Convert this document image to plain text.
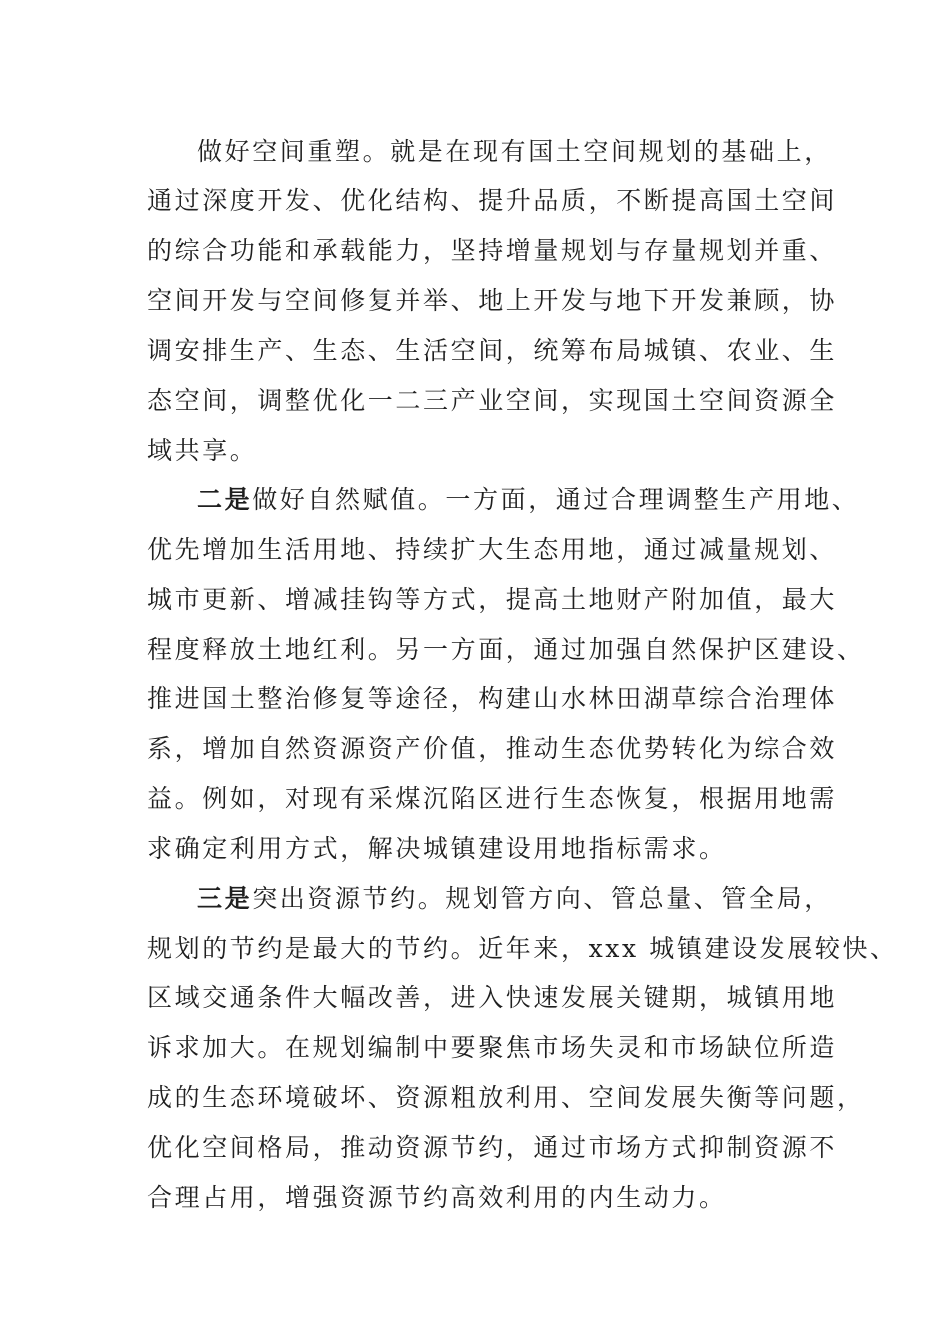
做好空间重塑。就是在现有国土空间规划的基础上，
通过深度开发、优化结构、提升品质，不断提高国土空间
的综合功能和承载能力，坚持增量规划与存量规划并重、
空间开发与空间修复并举、地上开发与地下开发兼顾，协
调安排生产、生态、生活空间，统筹布局城镇、农业、生
态空间，调整优化一二三产业空间，实现国土空间资源全
域共享。
二是做好自然赋值。一方面，通过合理调整生产用地、
优先增加生活用地、持续扩大生态用地，通过减量规划、
城市更新、增减挂钩等方式，提高土地财产附加值，最大
程度释放土地红利。另一方面，通过加强自然保护区建设、
推进国土整治修复等途径，构建山水林田湖草综合治理体
系，增加自然资源资产价值，推动生态优势转化为综合效
益。例如，对现有采煤沉陷区进行生态恢复，根据用地需
求确定利用方式，解决城镇建设用地指标需求。
三是突出资源节约。规划管方向、管总量、管全局，
规划的节约是最大的节约。近年来，xxx 城镇建设发展较快、
区域交通条件大幅改善，进入快速发展关键期，城镇用地
诉求加大。在规划编制中要聚焦市场失灵和市场缺位所造
成的生态环境破坏、资源粗放利用、空间发展失衡等问题，
优化空间格局，推动资源节约，通过市场方式抑制资源不
合理占用，增强资源节约高效利用的内生动力。
